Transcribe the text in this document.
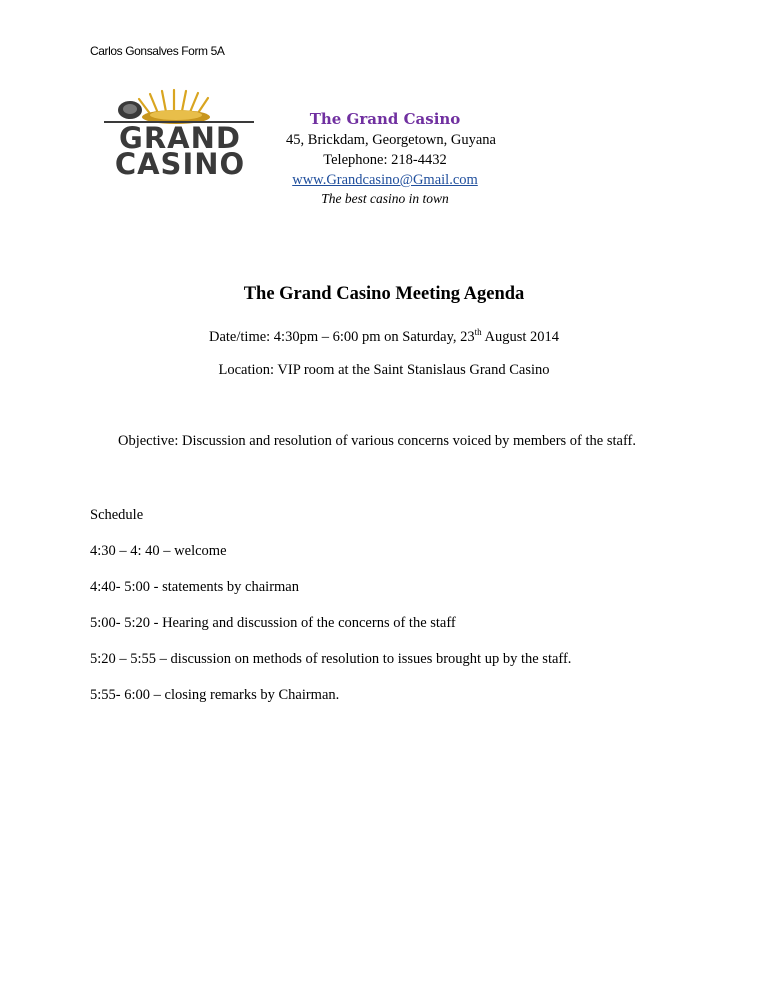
Carlos Gonsalves Form 5A
GRAND
CASINO
The Grand Casino
45, Brickdam, Georgetown, Guyana
Telephone: 218-4432
www.Grandcasino@Gmail.com
The best casino in town
The Grand Casino Meeting Agenda
Date/time: 4:30pm – 6:00 pm on Saturday, 23th August 2014
Location: VIP room at the Saint Stanislaus Grand Casino
Objective: Discussion and resolution of various concerns voiced by members of the staff.
Schedule
4:30 – 4: 40 – welcome
4:40- 5:00 - statements by chairman
5:00- 5:20 - Hearing and discussion of the concerns of the staff
5:20 – 5:55 – discussion on methods of resolution to issues brought up by the staff.
5:55- 6:00 – closing remarks by Chairman.
